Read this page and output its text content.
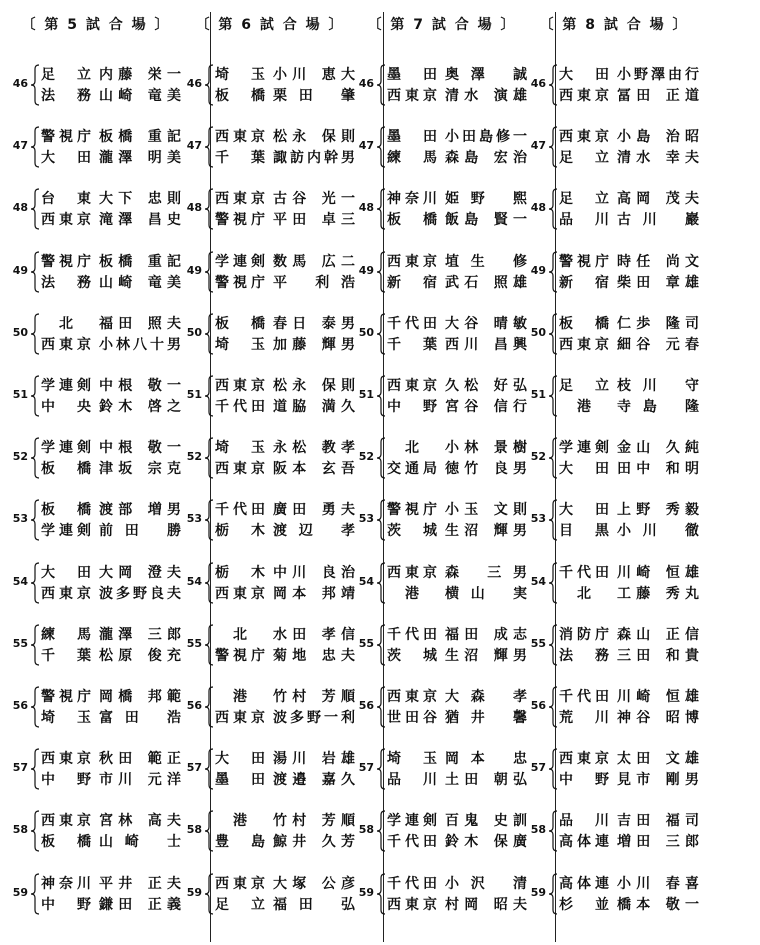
〔 第 5 試 合 場 〕
46
足 立 内藤 栄一
法 務 山崎 竜美
47
警視庁 板橋 重記
大 田 瀧澤 明美
48
台 東 大下 忠則
西東京 滝澤 昌史
49
警視庁 板橋 重記
法 務 山崎 竜美
50
北	福田 照夫
西東京 小林八十男
51
学連剣 中根 敬一
中 央 鈴木 啓之
52
学連剣 中根 敬一
板 橋 津坂 宗克
53
板 橋 渡部 増男
学連剣 前田 勝
54
大 田 大岡 澄夫
西東京 波多野良夫
55
練 馬 瀧澤 三郎
千 葉 松原 俊充
56
警視庁 岡橋 邦範
埼 玉 富田 浩
57
西東京 秋田 範正
中 野 市川 元洋
58
西東京 宮林 高夫
板 橋 山崎 士
59
神奈川 平井 正夫
中 野 鎌田 正義
〔 第 6 試 合 場 〕
46
埼 玉 小川 恵大
板 橋 栗田 肇
47
西東京 松永 保則
千 葉 諏訪内幹男
48
西東京 古谷 光一
警視庁 平田 卓三
49
学連剣 数馬 広二
警視庁 平 利浩
50
板 橋 春日 泰男
埼 玉 加藤 輝男
51
西東京 松永 保則
千代田 道脇 満久
52
埼 玉 永松 教孝
西東京 阪本 玄吾
53
千代田 廣田 勇夫
栃 木 渡辺 孝
54
栃 木 中川 良治
西東京 岡本 邦靖
55
北	水田 孝信
警視庁 菊地 忠夫
56
港	竹村 芳順
西東京 波多野一利
57
大 田 湯川 岩雄
墨 田 渡邉 嘉久
58
港	竹村 芳順
豊 島 鯨井 久芳
59
西東京 大塚 公彦
足 立 福田 弘
〔 第 7 試 合 場 〕
46
墨 田 奥澤 誠
西東京 清水 演雄
47
墨 田 小田島修一
練 馬 森島 宏治
48
神奈川 姫野 煕
板 橋 飯島 賢一
49
西東京 埴生 修
新 宿 武石 照雄
50
千代田 大谷 晴敏
千 葉 西川 昌興
51
西東京 久松 好弘
中 野 宮谷 信行
52
北	小林 景樹
交通局 徳竹 良男
53
警視庁 小玉 文則
茨 城 生沼 輝男
54
西東京 森 三男
港	横山 実
55
千代田 福田 成志
茨 城 生沼 輝男
56
西東京 大森 孝
世田谷 猶井 馨
57
埼 玉 岡本 忠
品 川 土田 朝弘
58
学連剣 百鬼 史訓
千代田 鈴木 保廣
59
千代田 小沢 清
西東京 村岡 昭夫
〔 第 8 試 合 場 〕
46
大 田 小野澤由行
西東京 冨田 正道
47
西東京 小島 治昭
足 立 清水 幸夫
48
足 立 高岡 茂夫
品 川 古川 巖
49
警視庁 時任 尚文
新 宿 柴田 章雄
50
板 橋 仁歩 隆司
西東京 細谷 元春
51
足 立 枝川 守
港	寺島 隆
52
学連剣 金山 久純
大 田 田中 和明
53
大 田 上野 秀毅
目 黒 小川 徹
54
千代田 川崎 恒雄
北	工藤 秀丸
55
消防庁 森山 正信
法 務 三田 和貴
56
千代田 川崎 恒雄
荒 川 神谷 昭博
57
西東京 太田 文雄
中 野 見市 剛男
58
品 川 吉田 福司
高体連 増田 三郎
59
高体連 小川 春喜
杉 並 橋本 敬一
